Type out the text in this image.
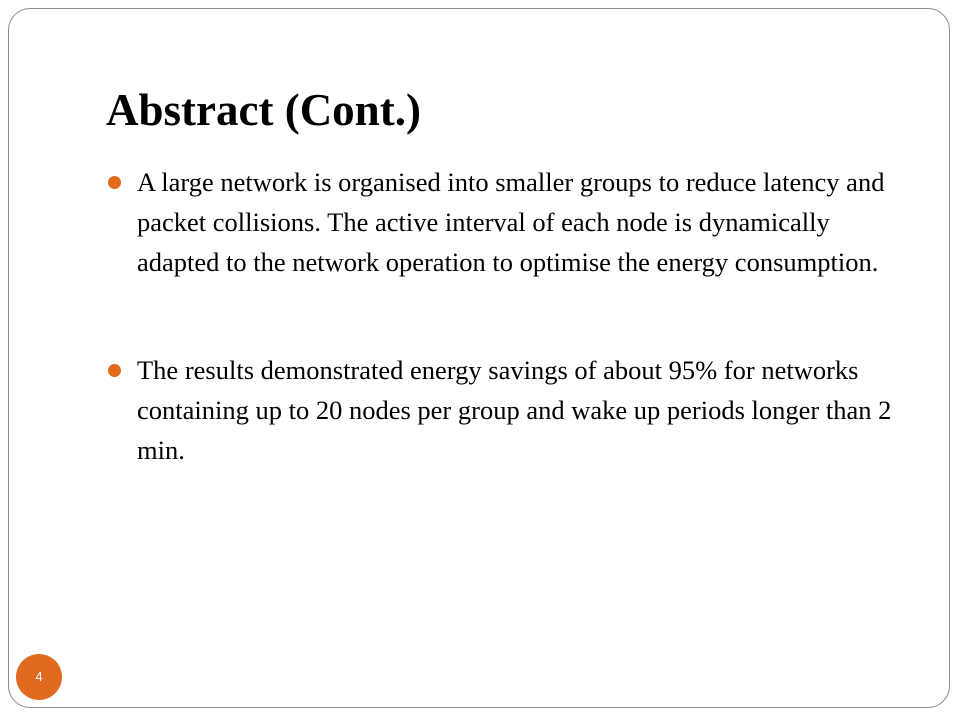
Abstract (Cont.)
A large network is organised into smaller groups to reduce latency and packet collisions. The active interval of each node is dynamically adapted to the network operation to optimise the energy consumption.
The results demonstrated energy savings of about 95% for networks containing up to 20 nodes per group and wake up periods longer than 2 min.
4
